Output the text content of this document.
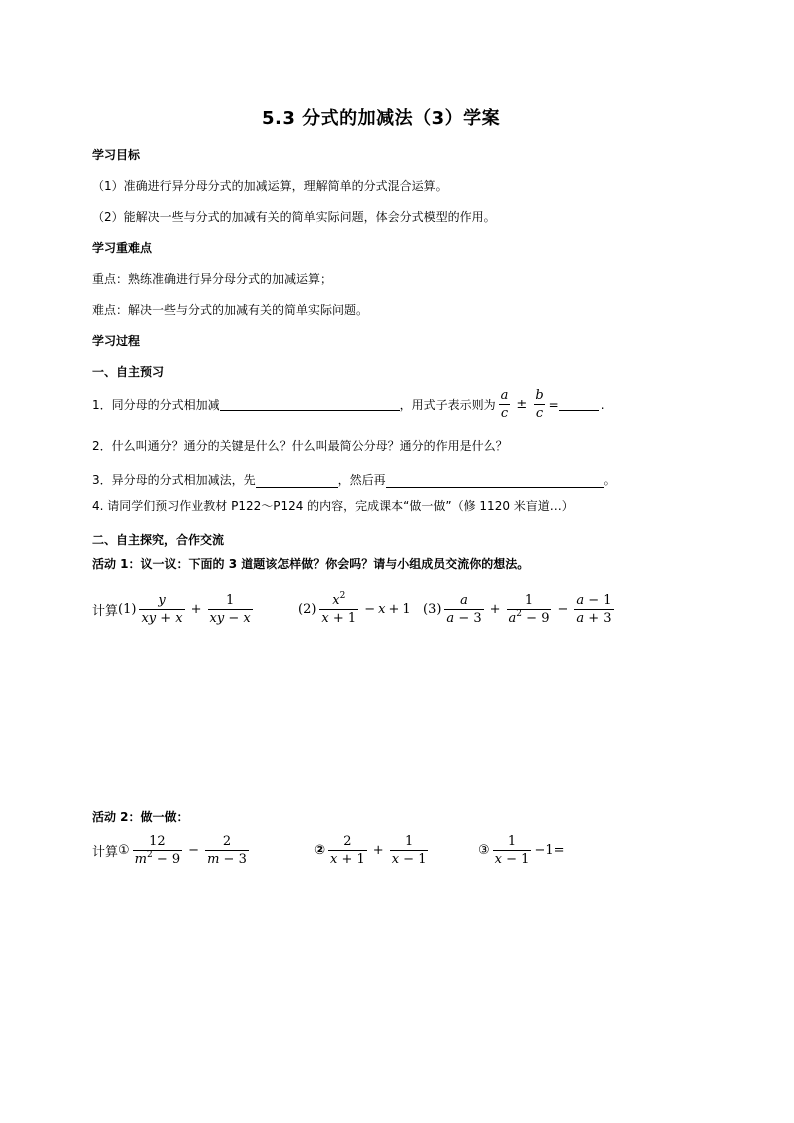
5.3 分式的加减法（3）学案
学习目标
（1）准确进行异分母分式的加减运算，理解简单的分式混合运算。
（2）能解决一些与分式的加减有关的简单实际问题，体会分式模型的作用。
学习重难点
重点：熟练准确进行异分母分式的加减运算；
难点：解决一些与分式的加减有关的简单实际问题。
学习过程
一、自主预习
1．同分母的分式相加减	，用式子表示则为 $\frac{a}{c} \pm \frac{b}{c}$ =	.
2．什么叫通分？通分的关键是什么？什么叫最简公分母？通分的作用是什么？
3．异分母的分式相加减法，先	，然后再	。
4. 请同学们预习作业教材 P122～P124 的内容，完成课本“做一做”（修 1120 米盲道…）
二、自主探究，合作交流
活动 1：议一议：下面的 3 道题该怎样做？你会吗？请与小组成员交流你的想法。
计算 $(1) \frac{y}{xy + x} + \frac{1}{xy - x}$	$(2) \frac{x^2}{x + 1} - x + 1$ $(3) \frac{a}{a - 3} + \frac{1}{a^2 - 9} - \frac{a - 1}{a + 3}$
活动 2：做一做：
计算 ① $\frac{12}{m^2 - 9} - \frac{2}{m - 3}$	② $\frac{2}{x + 1} + \frac{1}{x - 1}$	③ $\frac{1}{x - 1} -1=$
